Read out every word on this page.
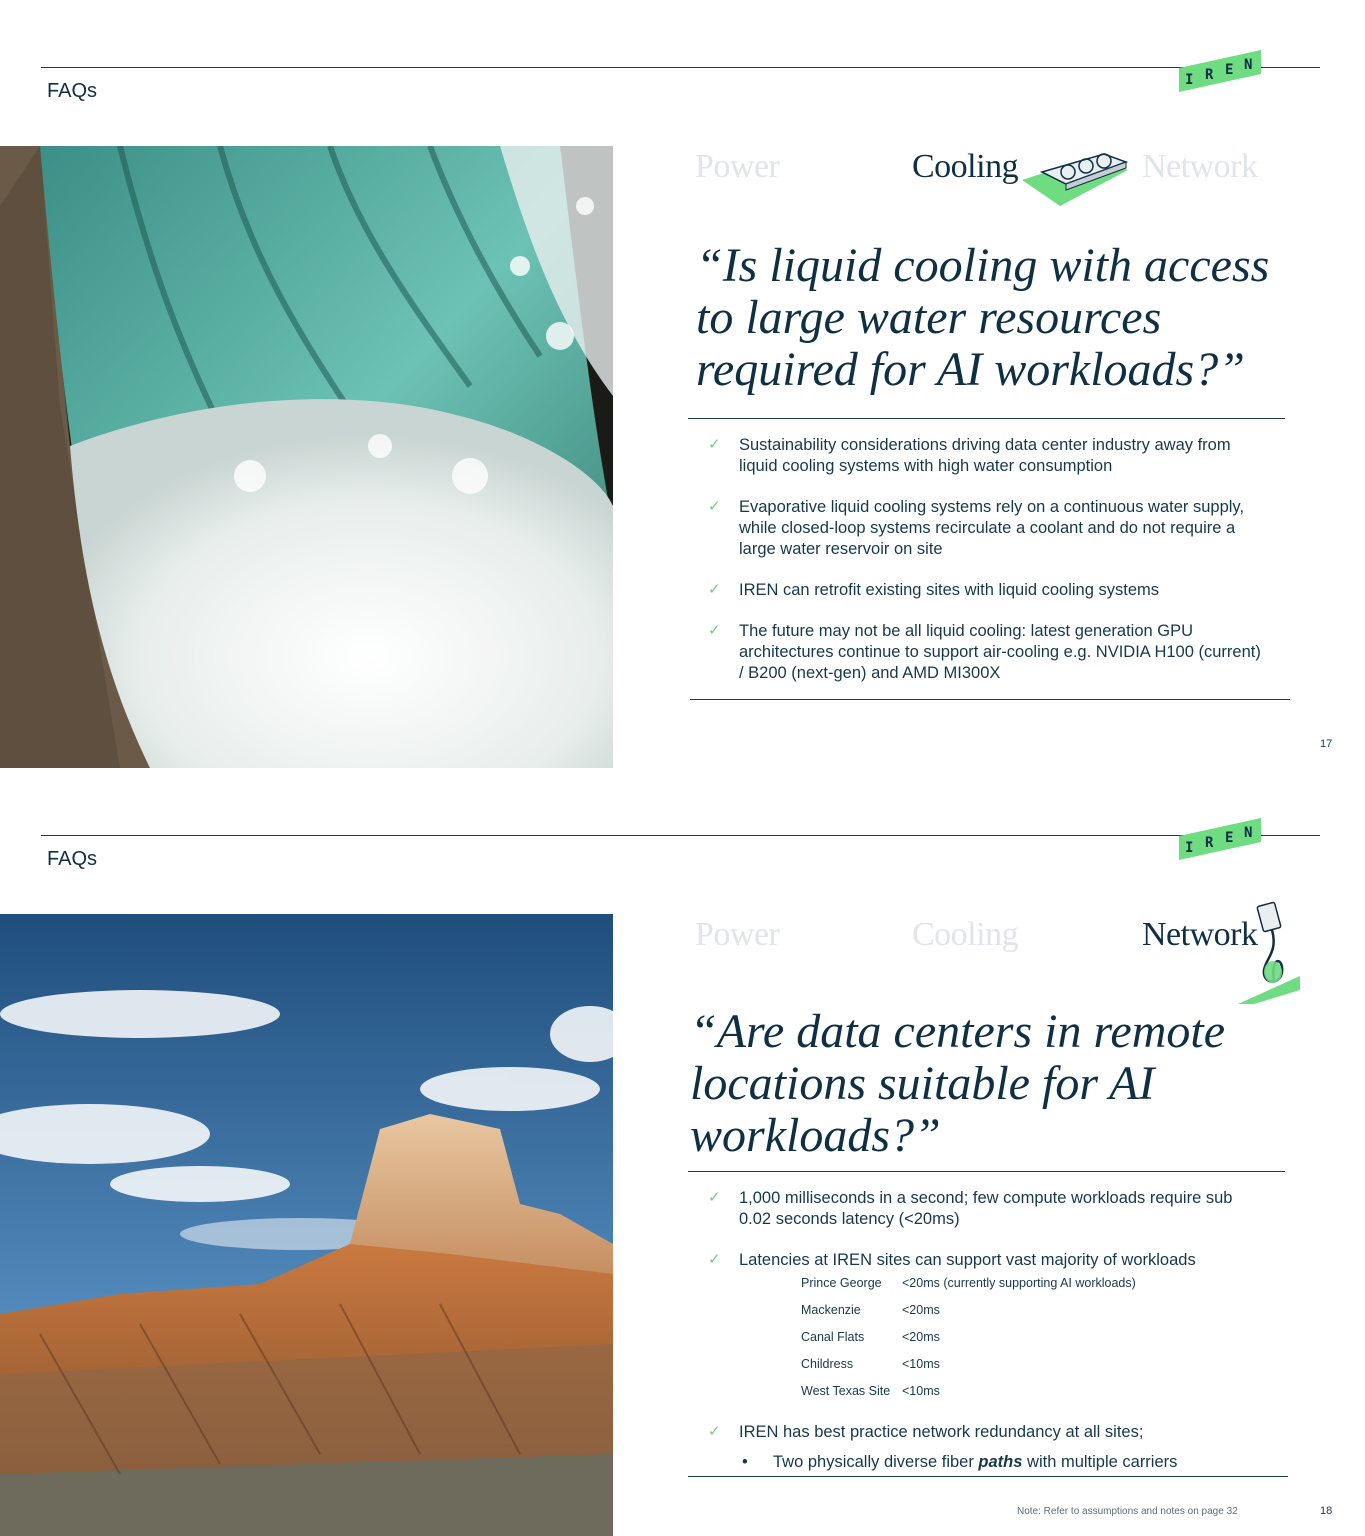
FAQs	I R E N
Power	Cooling	Network
“Is liquid cooling with access to large water resources required for AI workloads?”
✓ Sustainability considerations driving data center industry away from liquid cooling systems with high water consumption
✓ Evaporative liquid cooling systems rely on a continuous water supply, while closed-loop systems recirculate a coolant and do not require a large water reservoir on site
✓ IREN can retrofit existing sites with liquid cooling systems
✓ The future may not be all liquid cooling: latest generation GPU architectures continue to support air-cooling e.g. NVIDIA H100 (current) / B200 (next-gen) and AMD MI300X
17
FAQs	I R E N
Power	Cooling	Network
“Are data centers in remote locations suitable for AI workloads?”
✓ 1,000 milliseconds in a second; few compute workloads require sub 0.02 seconds latency (<20ms)
✓ Latencies at IREN sites can support vast majority of workloads
Prince George	<20ms (currently supporting AI workloads)
Mackenzie	<20ms
Canal Flats	<20ms
Childress	<10ms
West Texas Site	<10ms
✓ IREN has best practice network redundancy at all sites;
• Two physically diverse fiber paths with multiple carriers
Note: Refer to assumptions and notes on page 32	18
